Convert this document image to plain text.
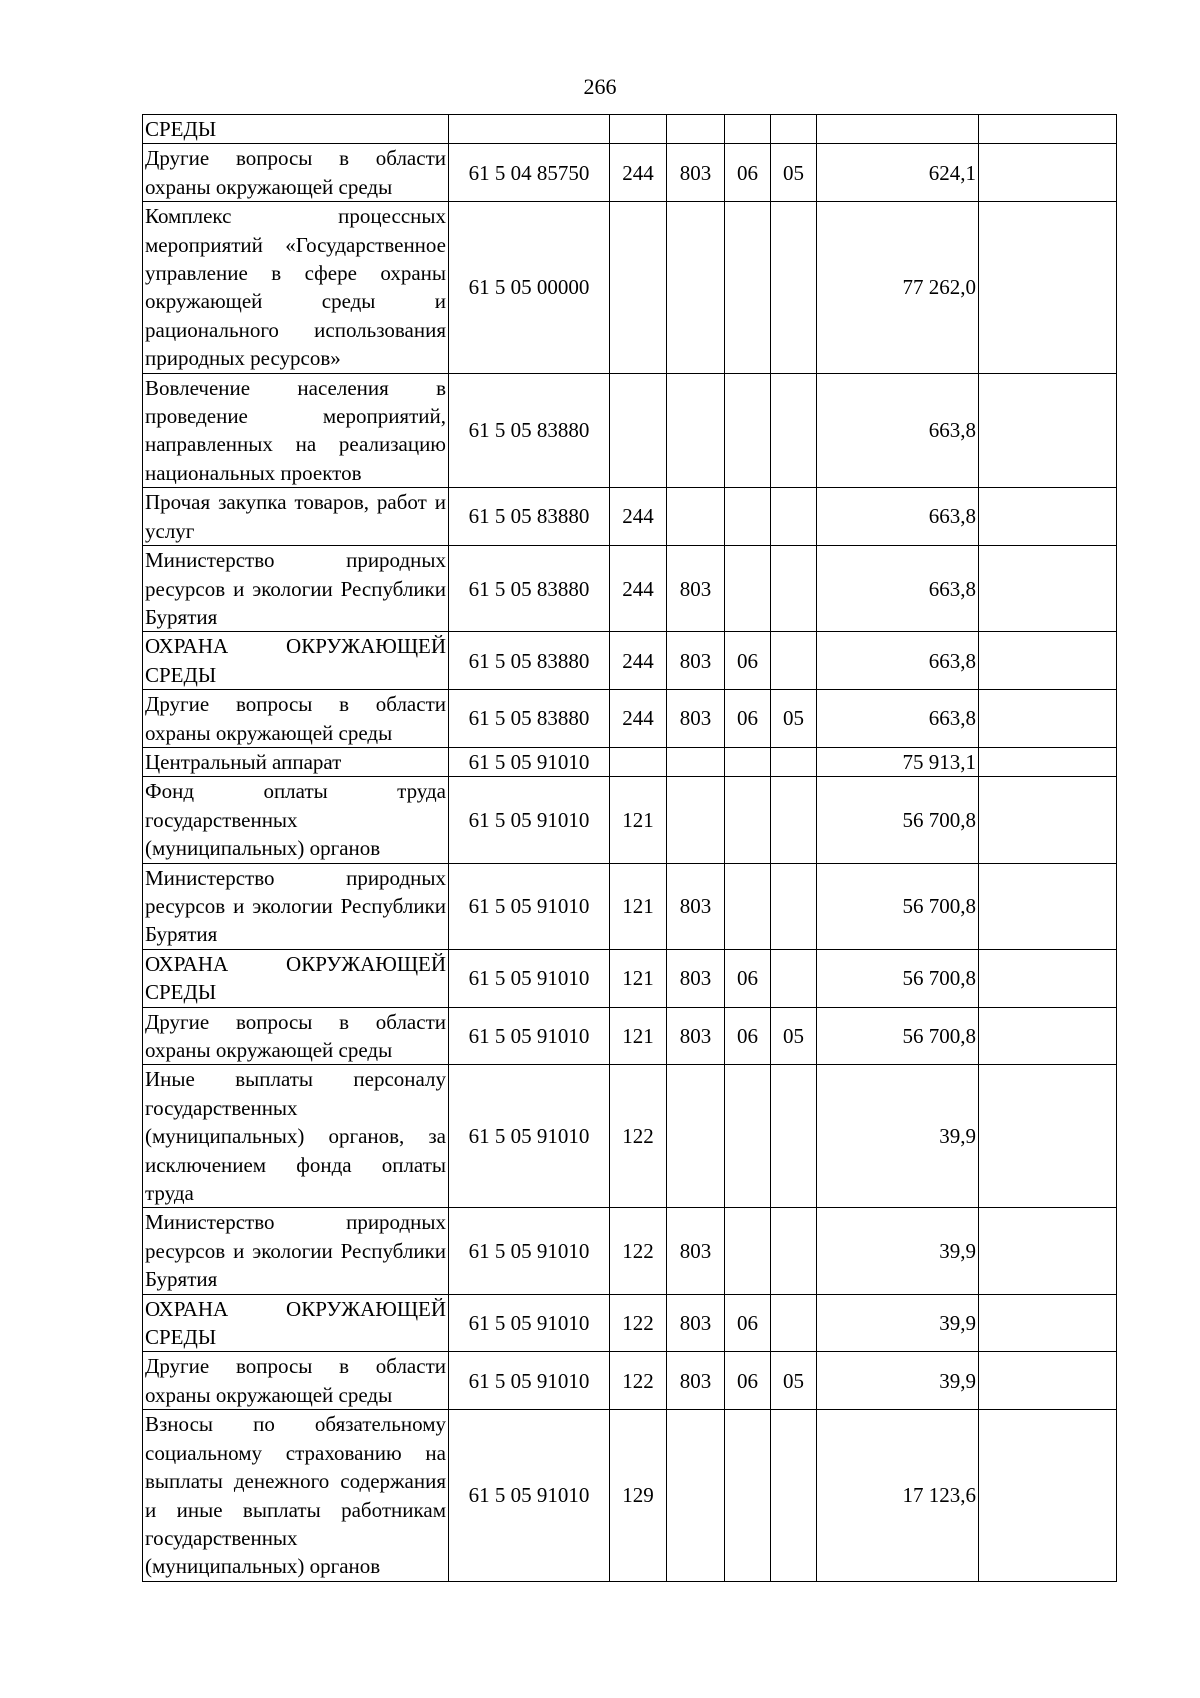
266
СРЕДЫ							
Другие вопросы в области охраны окружающей среды	61 5 04 85750	244	803	06	05	624,1	
Комплекс процессных мероприятий «Государственное управление в сфере охраны окружающей среды и рационального использования природных ресурсов»	61 5 05 00000					77 262,0	
Вовлечение населения в проведение мероприятий, направленных на реализацию национальных проектов	61 5 05 83880					663,8	
Прочая закупка товаров, работ и услуг	61 5 05 83880	244				663,8	
Министерство природных ресурсов и экологии Республики Бурятия	61 5 05 83880	244	803			663,8	
ОХРАНА ОКРУЖАЮЩЕЙ СРЕДЫ	61 5 05 83880	244	803	06		663,8	
Другие вопросы в области охраны окружающей среды	61 5 05 83880	244	803	06	05	663,8	
Центральный аппарат	61 5 05 91010					75 913,1	
Фонд оплаты труда государственных (муниципальных) органов	61 5 05 91010	121				56 700,8	
Министерство природных ресурсов и экологии Республики Бурятия	61 5 05 91010	121	803			56 700,8	
ОХРАНА ОКРУЖАЮЩЕЙ СРЕДЫ	61 5 05 91010	121	803	06		56 700,8	
Другие вопросы в области охраны окружающей среды	61 5 05 91010	121	803	06	05	56 700,8	
Иные выплаты персоналу государственных (муниципальных) органов, за исключением фонда оплаты труда	61 5 05 91010	122				39,9	
Министерство природных ресурсов и экологии Республики Бурятия	61 5 05 91010	122	803			39,9	
ОХРАНА ОКРУЖАЮЩЕЙ СРЕДЫ	61 5 05 91010	122	803	06		39,9	
Другие вопросы в области охраны окружающей среды	61 5 05 91010	122	803	06	05	39,9	
Взносы по обязательному социальному страхованию на выплаты денежного содержания и иные выплаты работникам государственных (муниципальных) органов	61 5 05 91010	129				17 123,6	
